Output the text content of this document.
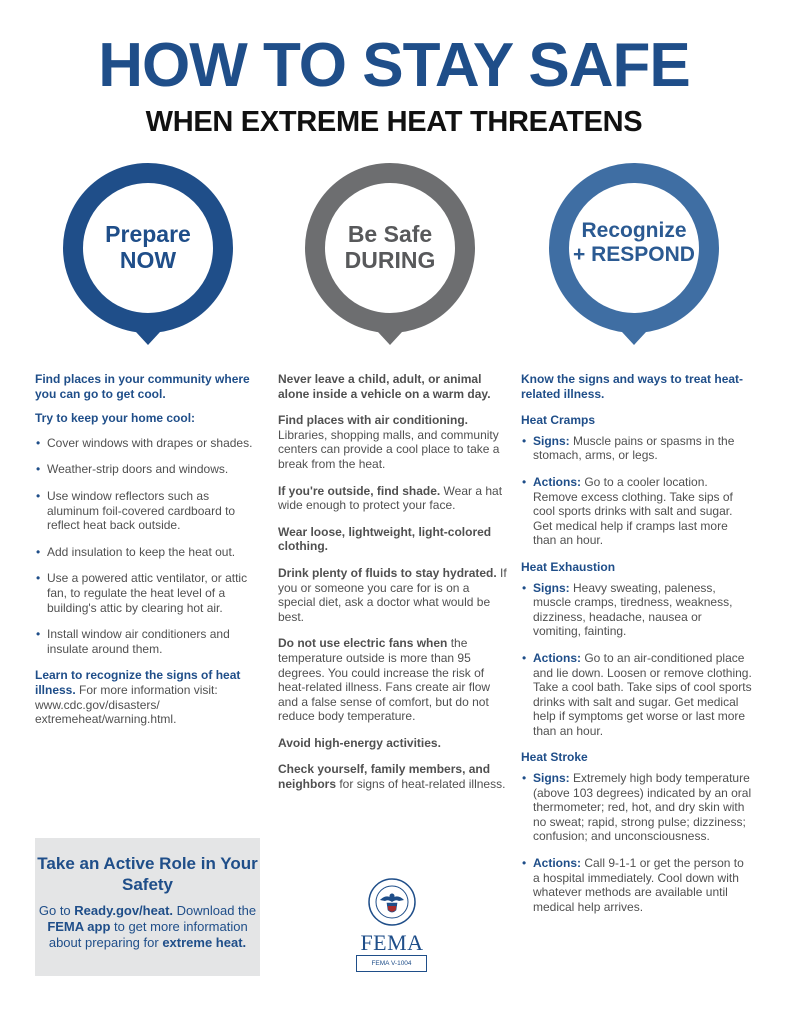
HOW TO STAY SAFE
WHEN EXTREME HEAT THREATENS
Prepare
NOW
Be Safe
DURING
Recognize
+ RESPOND

Find places in your community where you can go to get cool.

Try to keep your home cool:

• Cover windows with drapes or shades.
• Weather-strip doors and windows.
• Use window reflectors such as aluminum foil-covered cardboard to reflect heat back outside.
• Add insulation to keep the heat out.
• Use a powered attic ventilator, or attic fan, to regulate the heat level of a building's attic by clearing hot air.
• Install window air conditioners and insulate around them.

Learn to recognize the signs of heat illness. For more information visit: www.cdc.gov/disasters/ extremeheat/warning.html.

Never leave a child, adult, or animal alone inside a vehicle on a warm day.

Find places with air conditioning. Libraries, shopping malls, and community centers can provide a cool place to take a break from the heat.

If you're outside, find shade. Wear a hat wide enough to protect your face.

Wear loose, lightweight, light-colored clothing.

Drink plenty of fluids to stay hydrated. If you or someone you care for is on a special diet, ask a doctor what would be best.

Do not use electric fans when the temperature outside is more than 95 degrees. You could increase the risk of heat-related illness. Fans create air flow and a false sense of comfort, but do not reduce body temperature.

Avoid high-energy activities.

Check yourself, family members, and neighbors for signs of heat-related illness.

Know the signs and ways to treat heat-related illness.

Heat Cramps

• Signs: Muscle pains or spasms in the stomach, arms, or legs.
• Actions: Go to a cooler location. Remove excess clothing. Take sips of cool sports drinks with salt and sugar. Get medical help if cramps last more than an hour.

Heat Exhaustion

• Signs: Heavy sweating, paleness, muscle cramps, tiredness, weakness, dizziness, headache, nausea or vomiting, fainting.
• Actions: Go to an air-conditioned place and lie down. Loosen or remove clothing. Take a cool bath. Take sips of cool sports drinks with salt and sugar. Get medical help if symptoms get worse or last more than an hour.

Heat Stroke

• Signs: Extremely high body temperature (above 103 degrees) indicated by an oral thermometer; red, hot, and dry skin with no sweat; rapid, strong pulse; dizziness; confusion; and unconsciousness.
• Actions: Call 9-1-1 or get the person to a hospital immediately. Cool down with whatever methods are available until medical help arrives.
Take an Active Role in Your Safety
Go to Ready.gov/heat. Download the FEMA app to get more information about preparing for extreme heat.	FEMA
FEMA V-1004
